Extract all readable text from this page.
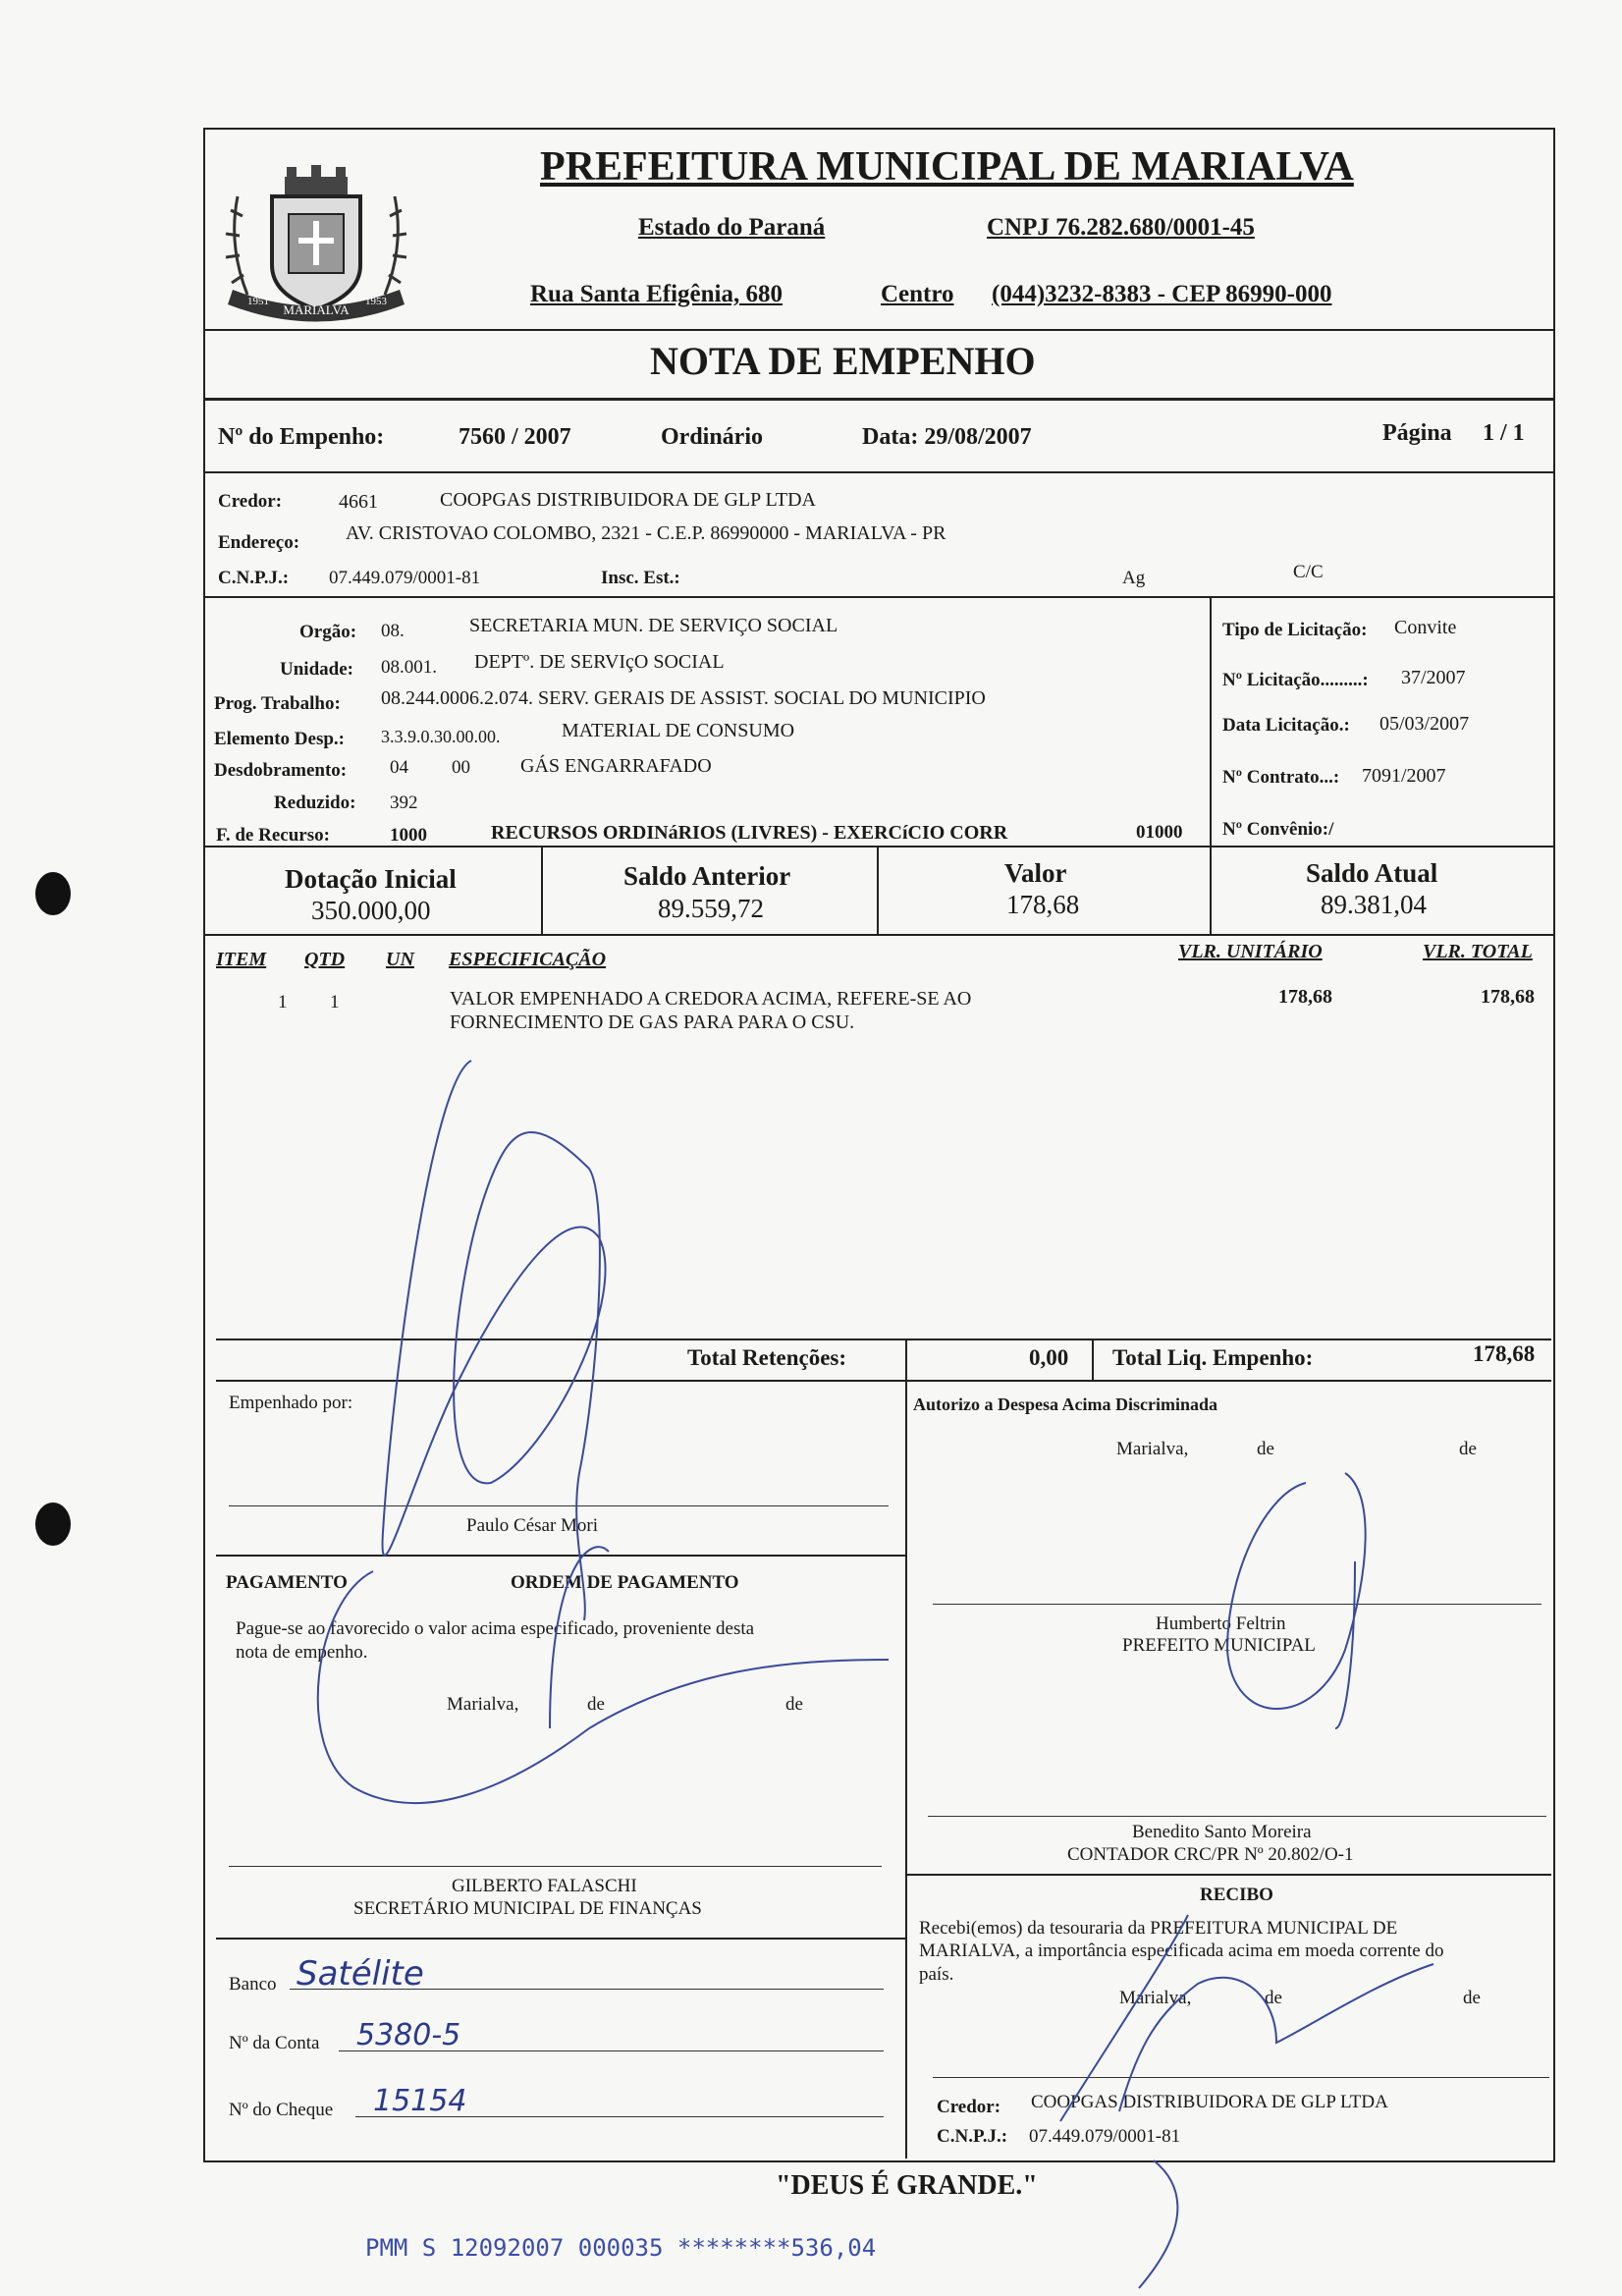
MARIALVA
1951	1953
PREFEITURA MUNICIPAL DE MARIALVA
Estado do Paraná	CNPJ 76.282.680/0001-45
Rua Santa Efigênia, 680	Centro (044)3232-8383 - CEP 86990-000
NOTA DE EMPENHO
Nº do Empenho:	7560 / 2007	Ordinário	Data: 29/08/2007	Página 1 / 1
Credor:	4661	COOPGAS DISTRIBUIDORA DE GLP LTDA
Endereço: AV. CRISTOVAO COLOMBO, 2321 - C.E.P. 86990000 - MARIALVA - PR
C.N.P.J.: 07.449.079/0001-81	Insc. Est.:	Ag	C/C
Orgão: 08.	SECRETARIA MUN. DE SERVIÇO SOCIAL
Unidade: 08.001. DEPTº. DE SERVIçO SOCIAL
Prog. Trabalho: 08.244.0006.2.074. SERV. GERAIS DE ASSIST. SOCIAL DO MUNICIPIO
Elemento Desp.: 3.3.9.0.30.00.00.	MATERIAL DE CONSUMO
Desdobramento: 04 00	GÁS ENGARRAFADO
Reduzido: 392
F. de Recurso:	1000	RECURSOS ORDINáRIOS (LIVRES) - EXERCíCIO CORR	01000
Tipo de Licitação: Convite
Nº Licitação.........: 37/2007
Data Licitação.: 05/03/2007
Nº Contrato...: 7091/2007
Nº Convênio:/
Dotação Inicial
350.000,00
Saldo Anterior
89.559,72
Valor
178,68
Saldo Atual
89.381,04
ITEM QTD UN ESPECIFICAÇÃO	VLR. UNITÁRIO	VLR. TOTAL
1 1	VALOR EMPENHADO A CREDORA ACIMA, REFERE-SE AO
FORNECIMENTO DE GAS PARA PARA O CSU.
178,68	178,68
Total Retenções:	0,00 Total Liq. Empenho:	178,68
Empenhado por:
Paulo César Mori
PAGAMENTO	ORDEM DE PAGAMENTO
Pague-se ao favorecido o valor acima especificado, proveniente desta
nota de empenho.
Marialva,	de	de
GILBERTO FALASCHI
SECRETÁRIO MUNICIPAL DE FINANÇAS
Banco Satélite
Nº da Conta 5380-5
Nº do Cheque 15154
Autorizo a Despesa Acima Discriminada
Marialva,	de	de
Humberto Feltrin
PREFEITO MUNICIPAL
Benedito Santo Moreira
CONTADOR CRC/PR Nº 20.802/O-1
RECIBO
Recebi(emos) da tesouraria da PREFEITURA MUNICIPAL DE
MARIALVA, a importância especificada acima em moeda corrente do
país.
Marialva,	de	de
Credor: COOPGAS DISTRIBUIDORA DE GLP LTDA
C.N.P.J.: 07.449.079/0001-81
"DEUS É GRANDE."
PMM S 12092007 000035 ********536,04
